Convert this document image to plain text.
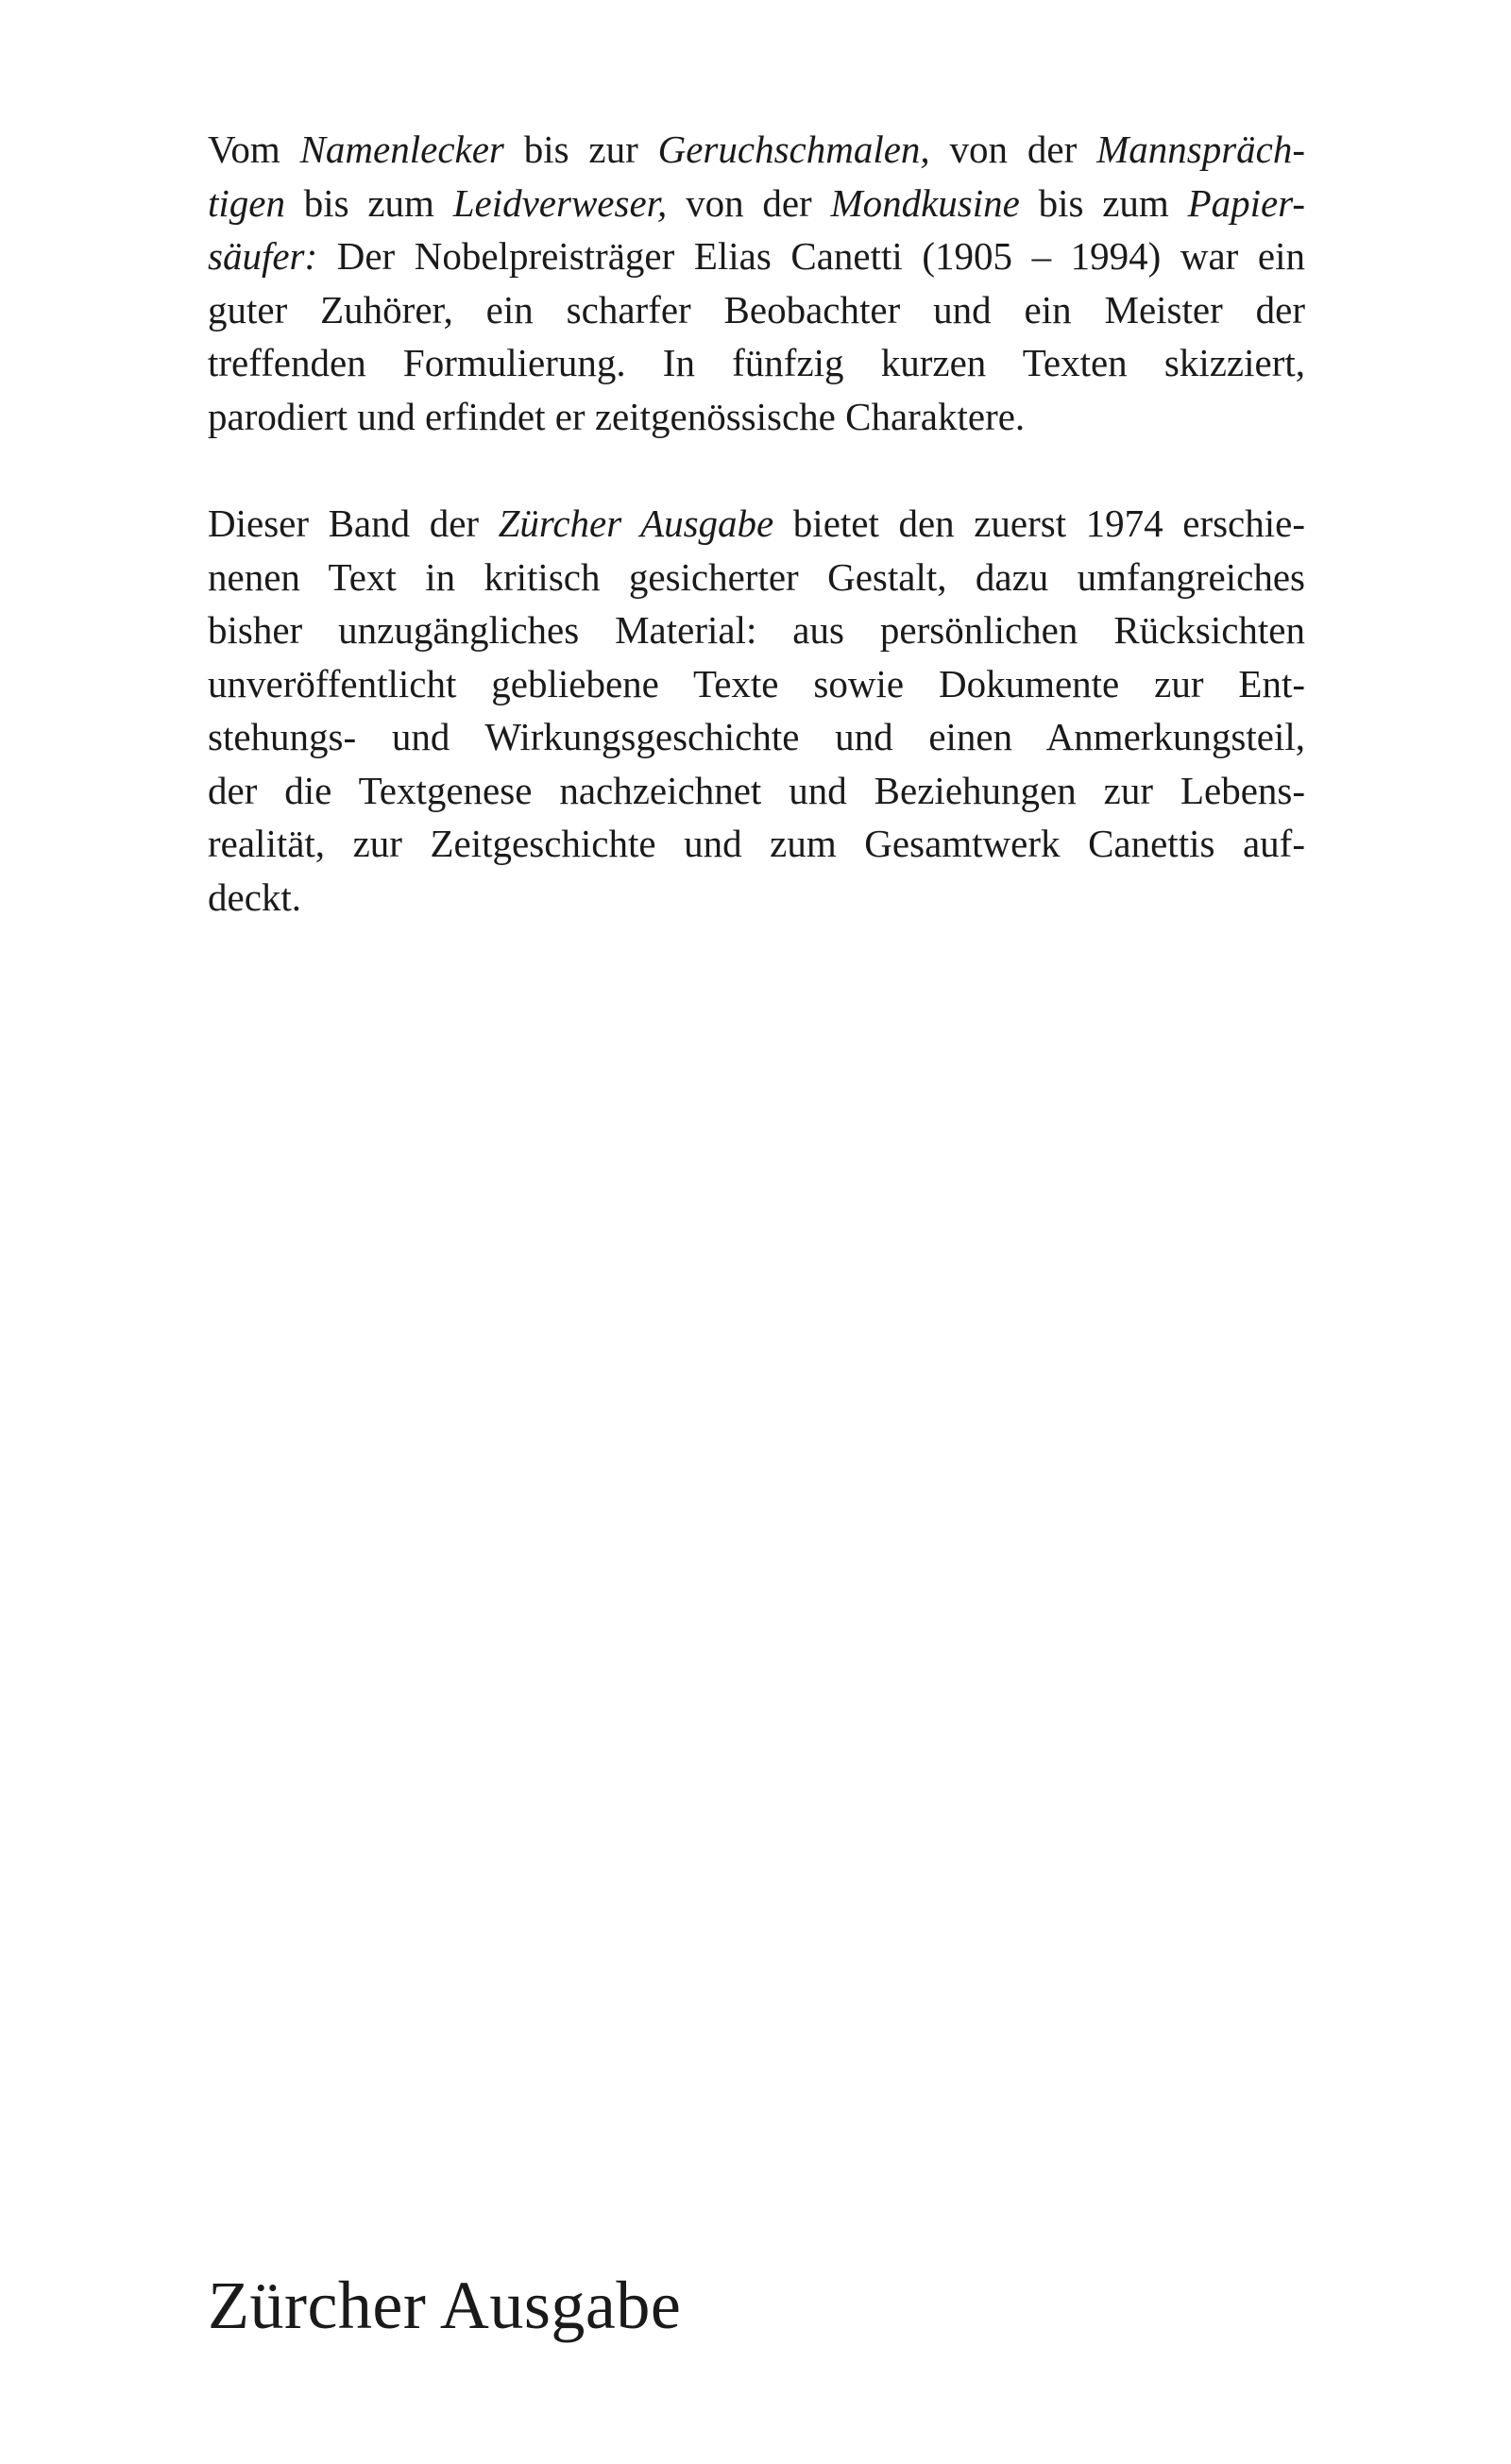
Vom Namenlecker bis zur Geruchschmalen, von der Mannspräch-
tigen bis zum Leidverweser, von der Mondkusine bis zum Papier-
säufer: Der Nobelpreisträger Elias Canetti (1905 – 1994) war ein
guter Zuhörer, ein scharfer Beobachter und ein Meister der
treffenden Formulierung. In fünfzig kurzen Texten skizziert,
parodiert und erfindet er zeitgenössische Charaktere.

Dieser Band der Zürcher Ausgabe bietet den zuerst 1974 erschie-
nenen Text in kritisch gesicherter Gestalt, dazu umfangreiches
bisher unzugängliches Material: aus persönlichen Rücksichten
unveröffentlicht gebliebene Texte sowie Dokumente zur Ent-
stehungs- und Wirkungsgeschichte und einen Anmerkungsteil,
der die Textgenese nachzeichnet und Beziehungen zur Lebens-
realität, zur Zeitgeschichte und zum Gesamtwerk Canettis auf-
deckt.

Zürcher Ausgabe
